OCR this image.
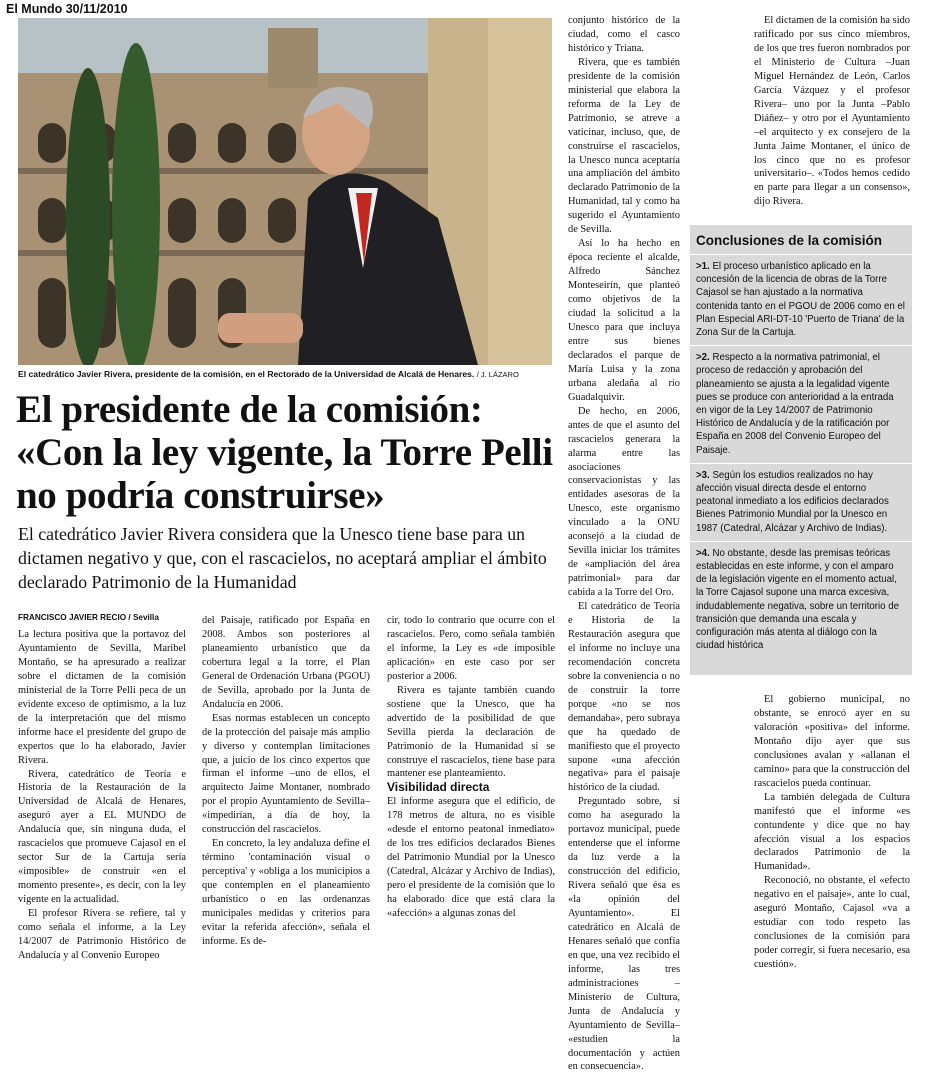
El Mundo 30/11/2010
El catedrático Javier Rivera, presidente de la comisión, en el Rectorado de la Universidad de Alcalá de Henares. / J. LÁZARO
El presidente de la comisión: «Con la ley vigente, la Torre Pelli no podría construirse»
El catedrático Javier Rivera considera que la Unesco tiene base para un dictamen negativo y que, con el rascacielos, no aceptará ampliar el ámbito declarado Patrimonio de la Humanidad
FRANCISCO JAVIER RECIO / Sevilla

La lectura positiva que la portavoz del Ayuntamiento de Sevilla, Maribel Montaño, se ha apresurado a realizar sobre el dictamen de la comisión ministerial de la Torre Pelli peca de un evidente exceso de optimismo, a la luz de la interpretación que del mismo informe hace el presidente del grupo de expertos que lo ha elaborado, Javier Rivera.

Rivera, catedrático de Teoría e Historia de la Restauración de la Universidad de Alcalá de Henares, aseguró ayer a EL MUNDO de Andalucía que, sin ninguna duda, el rascacielos que promueve Cajasol en el sector Sur de la Cartuja sería «imposible» de construir «en el momento presente», es decir, con la ley vigente en la actualidad.

El profesor Rivera se refiere, tal y como señala el informe, a la Ley 14/2007 de Patrimonio Histórico de Andalucía y al Convenio Europeo

del Paisaje, ratificado por España en 2008. Ambos son posteriores al planeamiento urbanístico que da cobertura legal a la torre, el Plan General de Ordenación Urbana (PGOU) de Sevilla, aprobado por la Junta de Andalucía en 2006.

Esas normas establecen un concepto de la protección del paisaje más amplio y diverso y contemplan limitaciones que, a juicio de los cinco expertos que firman el informe –uno de ellos, el arquitecto Jaime Montaner, nombrado por el propio Ayuntamiento de Sevilla– «impedirían, a día de hoy, la construcción del rascacielos.

En concreto, la ley andaluza define el término 'contaminación visual o perceptiva' y «obliga a los municipios a que contemplen en el planeamiento urbanístico o en las ordenanzas municipales medidas y criterios para evitar la referida afección», señala el informe. Es de-

cir, todo lo contrario que ocurre con el rascacielos. Pero, como señala también el informe, la Ley es «de imposible aplicación» en este caso por ser posterior a 2006.

Rivera es tajante también cuando sostiene que la Unesco, que ha advertido de la posibilidad de que Sevilla pierda la declaración de Patrimonio de la Humanidad si se construye el rascacielos, tiene base para mantener ese planteamiento.

Visibilidad directa

El informe asegura que el edificio, de 178 metros de altura, no es visible «desde el entorno peatonal inmediato» de los tres edificios declarados Bienes del Patrimonio Mundial por la Unesco (Catedral, Alcázar y Archivo de Indias), pero el presidente de la comisión que lo ha elaborado dice que está clara la «afección» a algunas zonas del

conjunto histórico de la ciudad, como el casco histórico y Triana.

Rivera, que es también presidente de la comisión ministerial que elabora la reforma de la Ley de Patrimonio, se atreve a vaticinar, incluso, que, de construirse el rascacielos, la Unesco nunca aceptaría una ampliación del ámbito declarado Patrimonio de la Humanidad, tal y como ha sugerido el Ayuntamiento de Sevilla.

Así lo ha hecho en época reciente el alcalde, Alfredo Sánchez Monteseirín, que planteó como objetivos de la ciudad la solicitud a la Unesco para que incluya entre sus bienes declarados el parque de María Luisa y la zona urbana aledaña al río Guadalquivir.

De hecho, en 2006, antes de que el asunto del rascacielos generara la alarma entre las asociaciones conservacionistas y las entidades asesoras de la Unesco, este organismo vinculado a la ONU aconsejó a la ciudad de Sevilla iniciar los trámites de «ampliación del área patrimonial» para dar cabida a la Torre del Oro.

El catedrático de Teoría e Historia de la Restauración asegura que el informe no incluye una recomendación concreta sobre la conveniencia o no de construir la torre porque «no se nos demandaba», pero subraya que ha quedado de manifiesto que el proyecto supone «una afección negativa» para el paisaje histórico de la ciudad.

Preguntado sobre, si como ha asegurado la portavoz municipal, puede entenderse que el informe da luz verde a la construcción del edificio, Rivera señaló que ésa es «la opinión del Ayuntamiento». El catedrático en Alcalá de Henares señaló que confía en que, una vez recibido el informe, las tres administraciones –Ministerio de Cultura, Junta de Andalucía y Ayuntamiento de Sevilla– «estudien la documentación y actúen en consecuencia».

El dictamen de la comisión ha sido ratificado por sus cinco miembros, de los que tres fueron nombrados por el Ministerio de Cultura –Juan Miguel Hernández de León, Carlos García Vázquez y el profesor Rivera– uno por la Junta –Pablo Diáñez– y otro por el Ayuntamiento –el arquitecto y ex consejero de la Junta Jaime Montaner, el único de los cinco que no es profesor universitario–. «Todos hemos cedido en parte para llegar a un consenso», dijo Rivera.

Conclusiones de la comisión
>1. El proceso urbanístico aplicado en la concesión de la licencia de obras de la Torre Cajasol se han ajustado a la normativa contenida tanto en el PGOU de 2006 como en el Plan Especial ARI-DT-10 'Puerto de Triana' de la Zona Sur de la Cartuja.
>2. Respecto a la normativa patrimonial, el proceso de redacción y aprobación del planeamiento se ajusta a la legalidad vigente pues se produce con anterioridad a la entrada en vigor de la Ley 14/2007 de Patrimonio Histórico de Andalucía y de la ratificación por España en 2008 del Convenio Europeo del Paisaje.
>3. Según los estudios realizados no hay afección visual directa desde el entorno peatonal inmediato a los edificios declarados Bienes Patrimonio Mundial por la Unesco en 1987 (Catedral, Alcázar y Archivo de Indias).
>4. No obstante, desde las premisas teóricas establecidas en este informe, y con el amparo de la legislación vigente en el momento actual, la Torre Cajasol supone una marca excesiva, indudablemente negativa, sobre un territorio de transición que demanda una escala y configuración más atenta al diálogo con la ciudad histórica

El gobierno municipal, no obstante, se enrocó ayer en su valoración «positiva» del informe. Montaño dijo ayer que sus conclusiones avalan y «allanan el camino» para que la construcción del rascacielos pueda continuar.

La también delegada de Cultura manifestó que el informe «es contundente y dice que no hay afección visual a los espacios declarados Patrimonio de la Humanidad».

Reconoció, no obstante, el «efecto negativo en el paisaje», ante lo cual, aseguró Montaño, Cajasol «va a estudiar con todo respeto las conclusiones de la comisión para poder corregir, si fuera necesario, esa cuestión».
